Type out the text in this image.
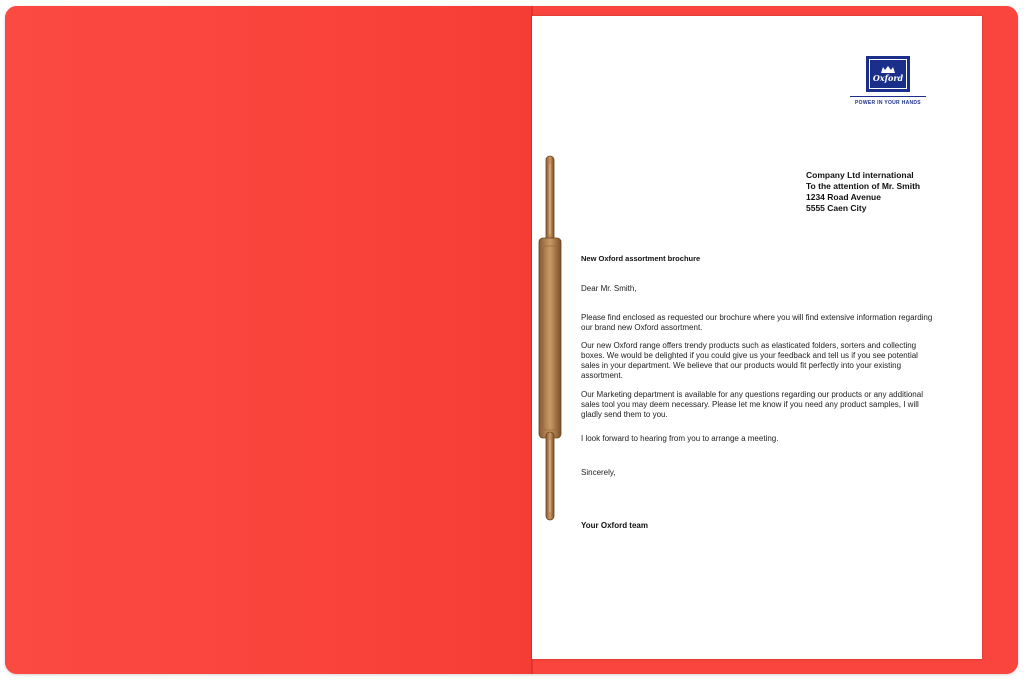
Oxford
POWER IN YOUR HANDS
Company Ltd international
To the attention of Mr. Smith
1234 Road Avenue
5555 Caen City
New Oxford assortment brochure
Dear Mr. Smith,
Please find enclosed as requested our brochure where you will find extensive information regarding our brand new Oxford assortment.
Our new Oxford range offers trendy products such as elasticated folders, sorters and collecting boxes. We would be delighted if you could give us your feedback and tell us if you see potential sales in your department. We believe that our products would fit perfectly into your existing assortment.
Our Marketing department is available for any questions regarding our products or any additional sales tool you may deem necessary. Please let me know if you need any product samples, I will gladly send them to you.
I look forward to hearing from you to arrange a meeting.
Sincerely,
Your Oxford team
